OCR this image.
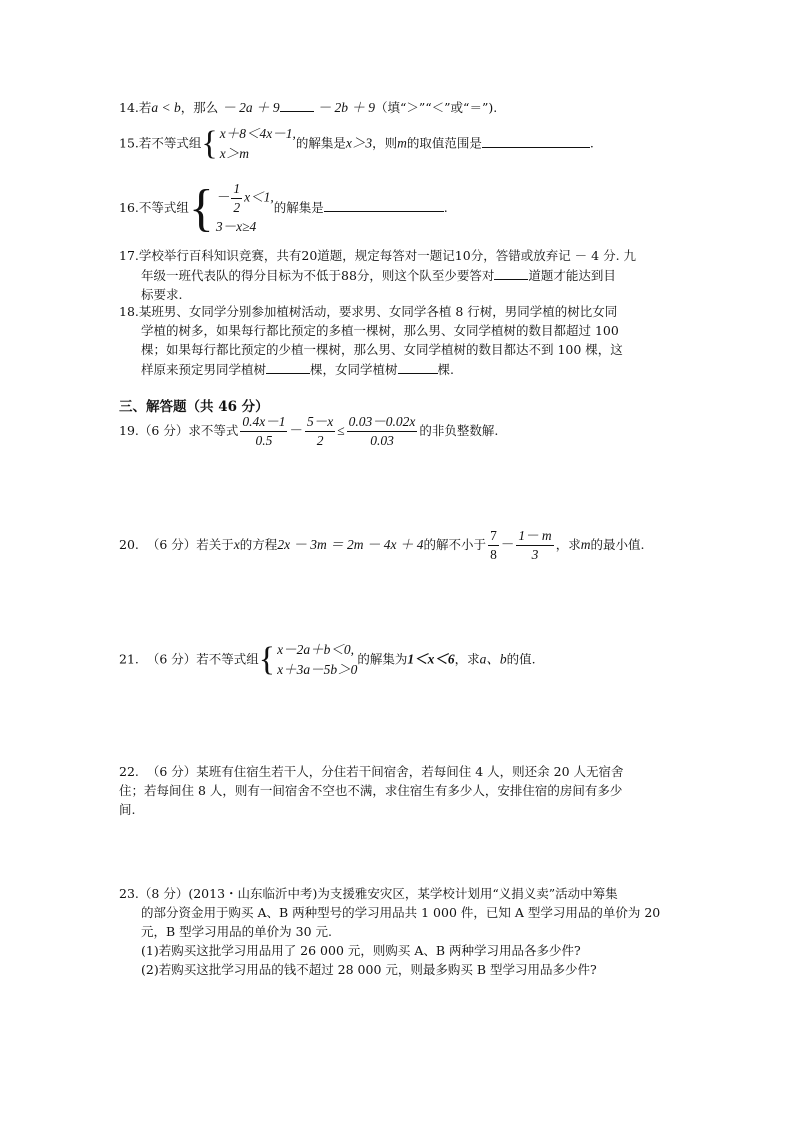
14.若a < b，那么 － 2a ＋ 9	－ 2b ＋ 9（填“＞”“＜”或“＝”).
15.若不等式组 { x＋8＜4x－1,
x＞m
的解集是x＞3，则m的取值范围是	.
16.不等式组 { － $\frac{1}{2} x<1$,
3－x≥4
的解集是	.
17.学校举行百科知识竞赛，共有20道题，规定每答对一题记10分，答错或放弃记 － 4 分. 九
年级一班代表队的得分目标为不低于88分，则这个队至少要答对	道题才能达到目
标要求.
18.某班男、女同学分别参加植树活动，要求男、女同学各植 8 行树，男同学植的树比女同
学植的树多，如果每行都比预定的多植一棵树，那么男、女同学植树的数目都超过 100
棵；如果每行都比预定的少植一棵树，那么男、女同学植树的数目都达不到 100 棵，这
样原来预定男同学植树	棵，女同学植树	棵.
三、解答题（共 46 分）
19.（6 分）求不等式 $\frac{0.4x-1}{0.5} - \frac{5-x}{2} \le \frac{0.03-0.02x}{0.03}$ 的非负整数解.
20. （6 分）若关于x的方程2x － 3m ＝ 2m － 4x ＋ 4的解不小于 $\frac{7}{8} - \frac{1- m}{3}$ ，求m的最小值.
21. （6 分）若不等式组 { x－2a＋b＜0,
x＋3a－5b＞0
的解集为1＜x＜6，求a、b的值.
22. （6 分）某班有住宿生若干人，分住若干间宿舍，若每间住 4 人，则还余 20 人无宿舍
住；若每间住 8 人，则有一间宿舍不空也不满，求住宿生有多少人，安排住宿的房间有多少
间.
23.（8 分）(2013・山东临沂中考)为支援雅安灾区，某学校计划用“义捐义卖”活动中筹集
的部分资金用于购买 A、B 两种型号的学习用品共 1 000 件，已知 A 型学习用品的单价为 20
元，B 型学习用品的单价为 30 元.
(1)若购买这批学习用品用了 26 000 元，则购买 A、B 两种学习用品各多少件?
(2)若购买这批学习用品的钱不超过 28 000 元，则最多购买 B 型学习用品多少件?
